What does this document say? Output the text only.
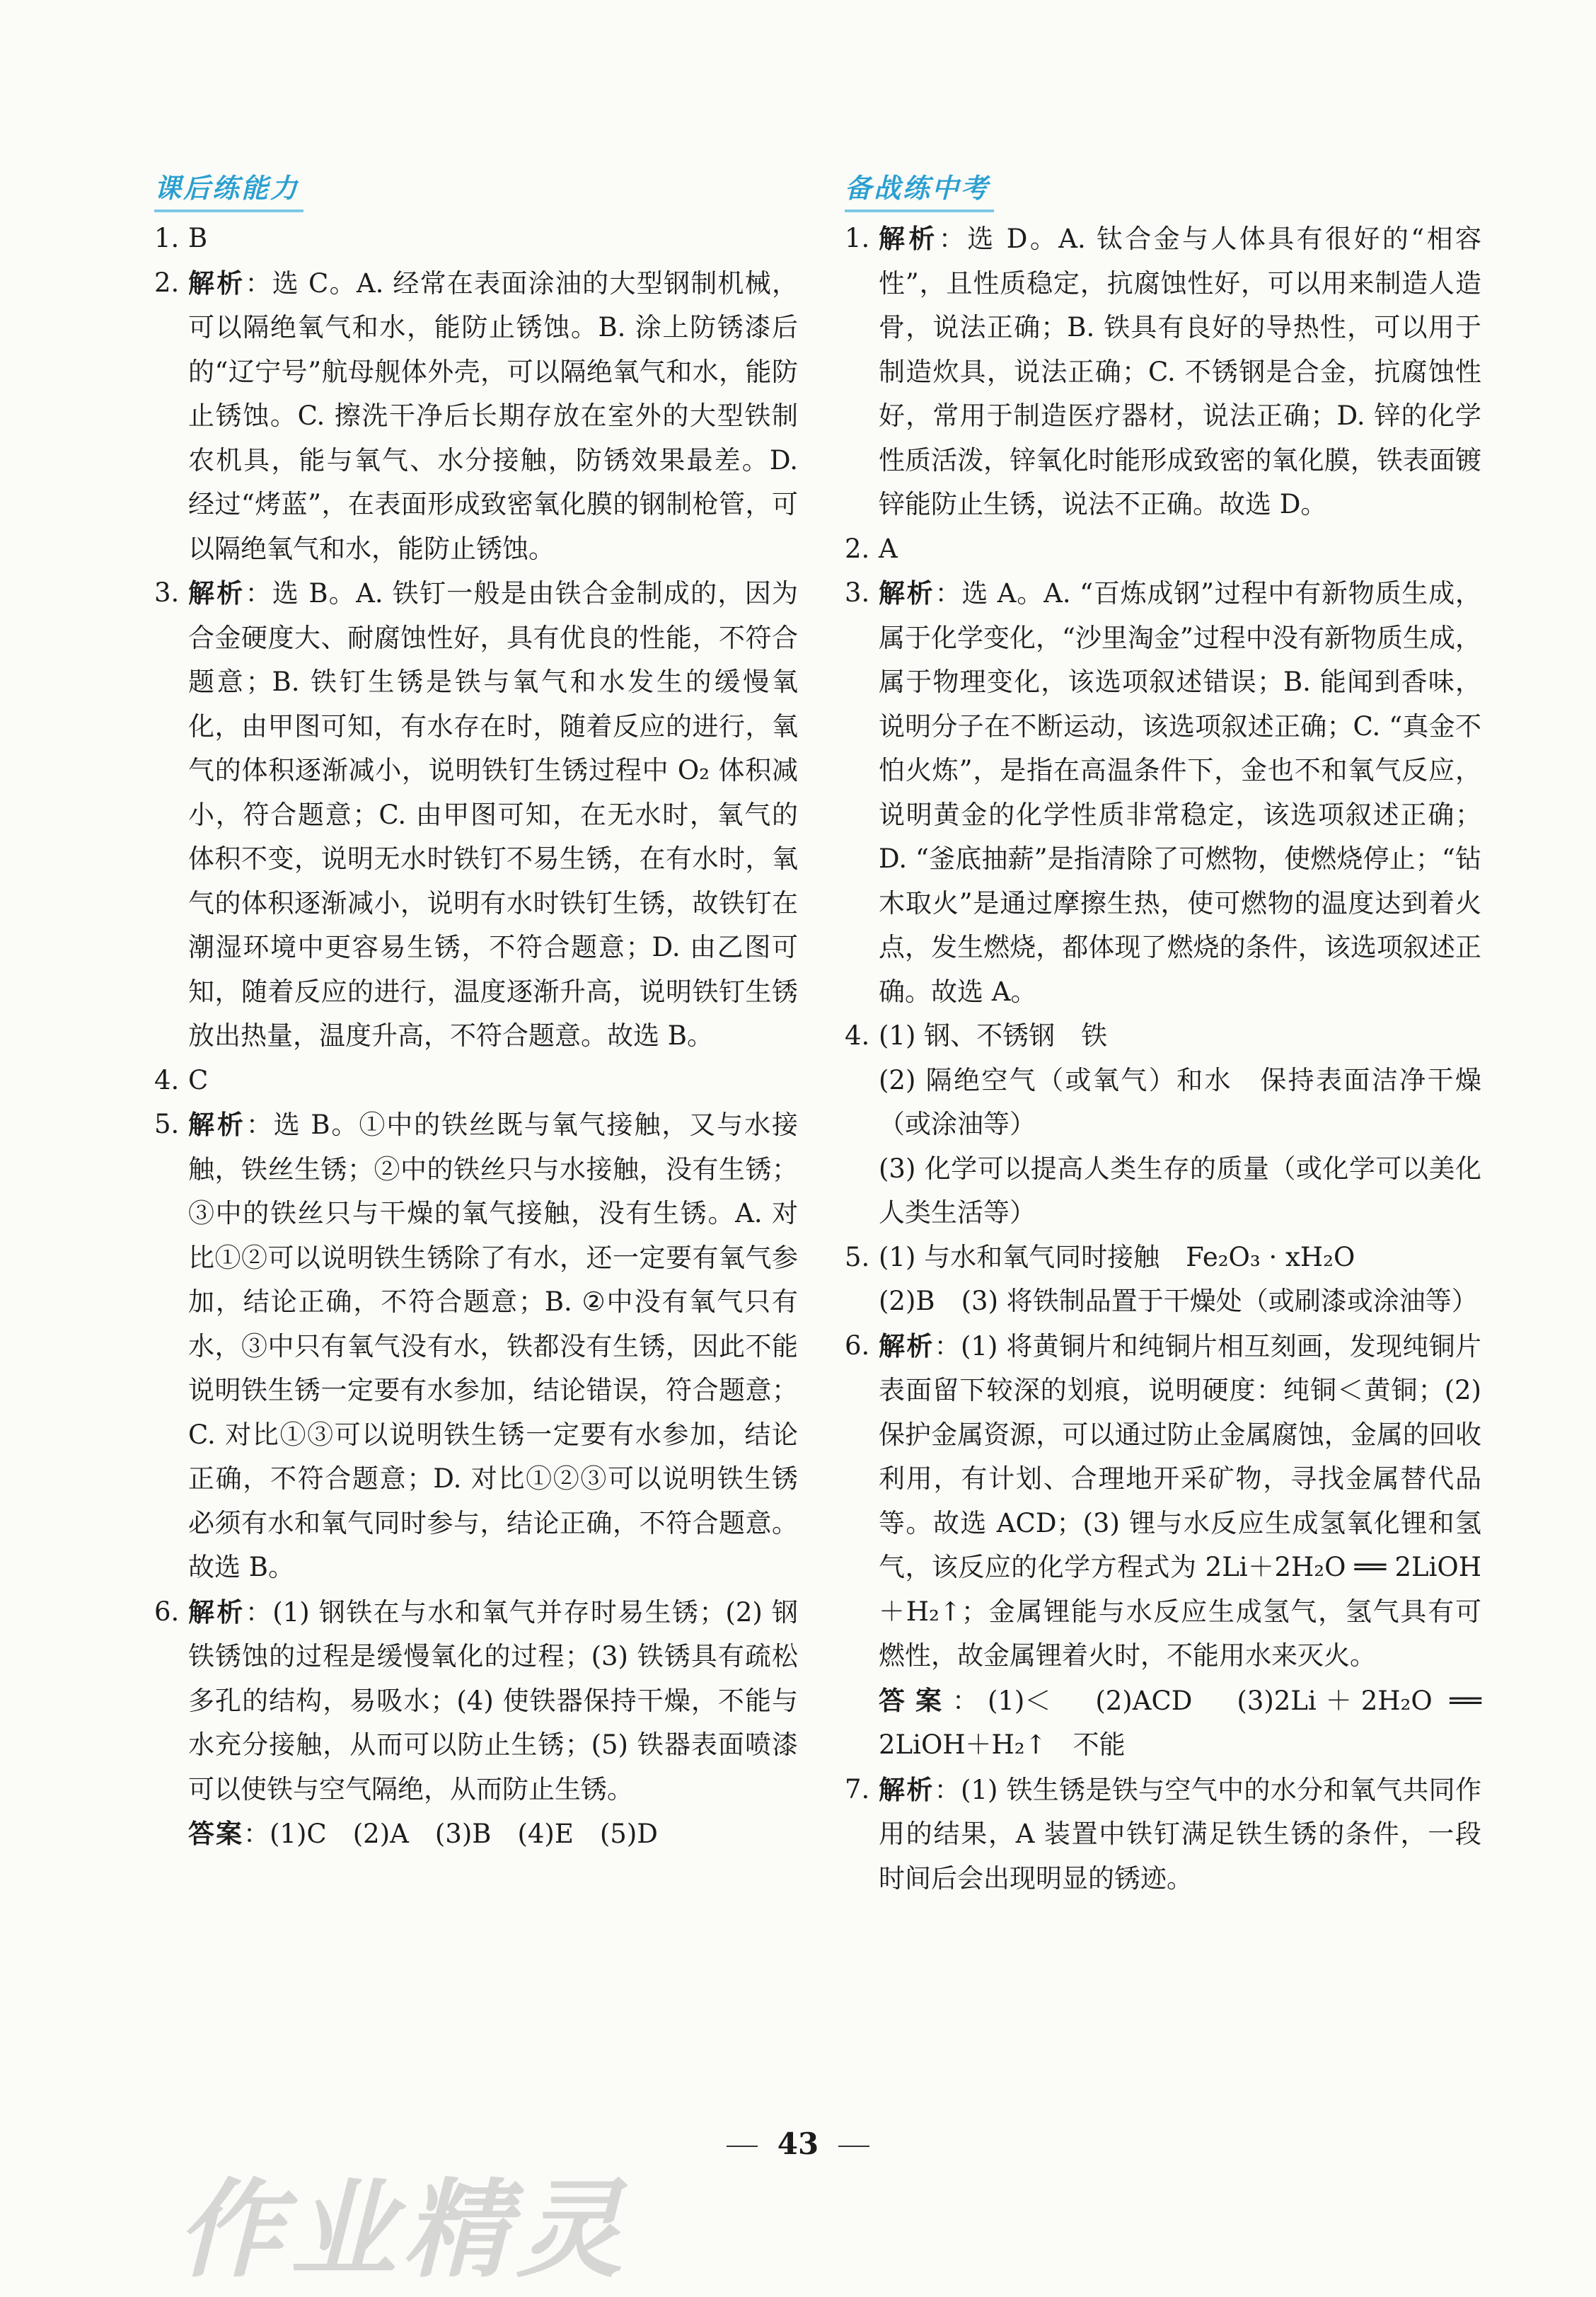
课后练能力
1. B

2. 解析：选 C。A. 经常在表面涂油的大型钢制机械，可以隔绝氧气和水，能防止锈蚀。B. 涂上防锈漆后的“辽宁号”航母舰体外壳，可以隔绝氧气和水，能防止锈蚀。C. 擦洗干净后长期存放在室外的大型铁制农机具，能与氧气、水分接触，防锈效果最差。D. 经过“烤蓝”，在表面形成致密氧化膜的钢制枪管，可以隔绝氧气和水，能防止锈蚀。

3. 解析：选 B。A. 铁钉一般是由铁合金制成的，因为合金硬度大、耐腐蚀性好，具有优良的性能，不符合题意；B. 铁钉生锈是铁与氧气和水发生的缓慢氧化，由甲图可知，有水存在时，随着反应的进行，氧气的体积逐渐减小，说明铁钉生锈过程中 O₂ 体积减小，符合题意；C. 由甲图可知，在无水时，氧气的体积不变，说明无水时铁钉不易生锈，在有水时，氧气的体积逐渐减小，说明有水时铁钉生锈，故铁钉在潮湿环境中更容易生锈，不符合题意；D. 由乙图可知，随着反应的进行，温度逐渐升高，说明铁钉生锈放出热量，温度升高，不符合题意。故选 B。

4. C

5. 解析：选 B。①中的铁丝既与氧气接触，又与水接触，铁丝生锈；②中的铁丝只与水接触，没有生锈；③中的铁丝只与干燥的氧气接触，没有生锈。A. 对比①②可以说明铁生锈除了有水，还一定要有氧气参加，结论正确，不符合题意；B. ②中没有氧气只有水，③中只有氧气没有水，铁都没有生锈，因此不能说明铁生锈一定要有水参加，结论错误，符合题意；C. 对比①③可以说明铁生锈一定要有水参加，结论正确，不符合题意；D. 对比①②③可以说明铁生锈必须有水和氧气同时参与，结论正确，不符合题意。故选 B。

6. 解析：(1) 钢铁在与水和氧气并存时易生锈；(2) 钢铁锈蚀的过程是缓慢氧化的过程；(3) 铁锈具有疏松多孔的结构，易吸水；(4) 使铁器保持干燥，不能与水充分接触，从而可以防止生锈；(5) 铁器表面喷漆可以使铁与空气隔绝，从而防止生锈。

答案：(1)C　(2)A　(3)B　(4)E　(5)D

备战练中考
1. 解析：选 D。A. 钛合金与人体具有很好的“相容性”，且性质稳定，抗腐蚀性好，可以用来制造人造骨，说法正确；B. 铁具有良好的导热性，可以用于制造炊具，说法正确；C. 不锈钢是合金，抗腐蚀性好，常用于制造医疗器材，说法正确；D. 锌的化学性质活泼，锌氧化时能形成致密的氧化膜，铁表面镀锌能防止生锈，说法不正确。故选 D。

2. A

3. 解析：选 A。A. “百炼成钢”过程中有新物质生成，属于化学变化，“沙里淘金”过程中没有新物质生成，属于物理变化，该选项叙述错误；B. 能闻到香味，说明分子在不断运动，该选项叙述正确；C. “真金不怕火炼”，是指在高温条件下，金也不和氧气反应，说明黄金的化学性质非常稳定，该选项叙述正确；D. “釜底抽薪”是指清除了可燃物，使燃烧停止；“钻木取火”是通过摩擦生热，使可燃物的温度达到着火点，发生燃烧，都体现了燃烧的条件，该选项叙述正确。故选 A。

4. (1) 钢、不锈钢　铁

(2) 隔绝空气（或氧气）和水　保持表面洁净干燥（或涂油等）

(3) 化学可以提高人类生存的质量（或化学可以美化人类生活等）

5. (1) 与水和氧气同时接触　Fe₂O₃ · xH₂O

(2)B　(3) 将铁制品置于干燥处（或刷漆或涂油等）

6. 解析：(1) 将黄铜片和纯铜片相互刻画，发现纯铜片表面留下较深的划痕，说明硬度：纯铜＜黄铜；(2) 保护金属资源，可以通过防止金属腐蚀，金属的回收利用，有计划、合理地开采矿物，寻找金属替代品等。故选 ACD；(3) 锂与水反应生成氢氧化锂和氢气，该反应的化学方程式为 2Li＋2H₂O ══ 2LiOH＋H₂↑；金属锂能与水反应生成氢气，氢气具有可燃性，故金属锂着火时，不能用水来灭火。

答案：(1)＜　(2)ACD　(3)2Li＋2H₂O ══ 2LiOH＋H₂↑　不能

7. 解析：(1) 铁生锈是铁与空气中的水分和氧气共同作用的结果，A 装置中铁钉满足铁生锈的条件，一段时间后会出现明显的锈迹。

43
作业精灵
